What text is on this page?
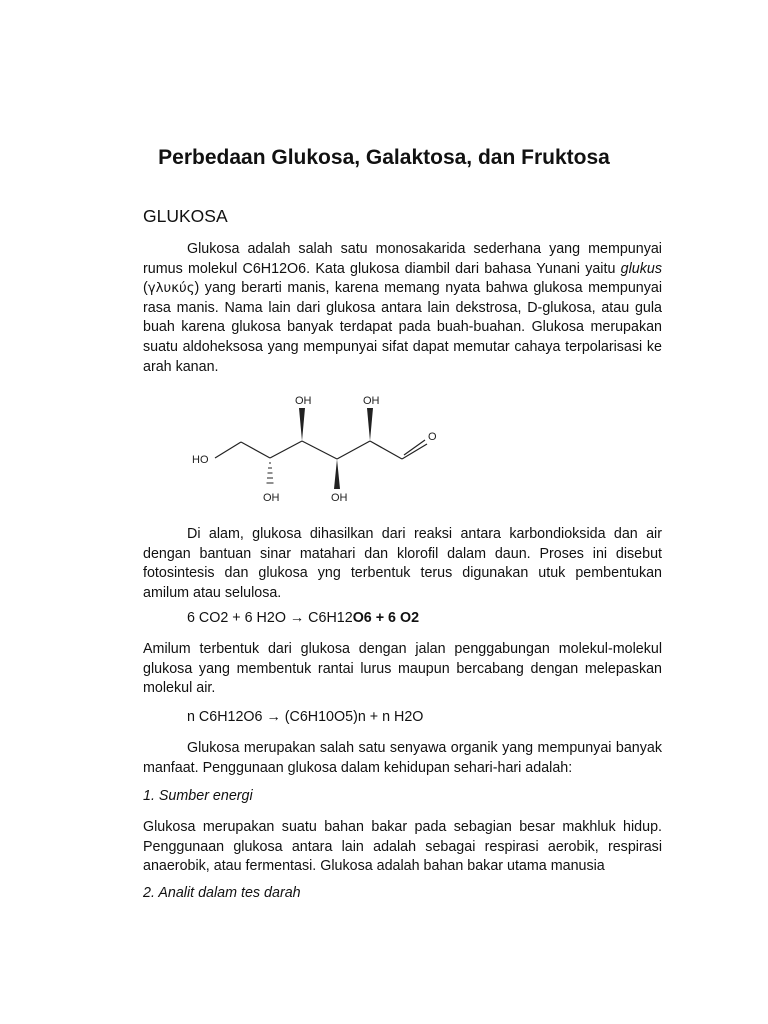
Perbedaan Glukosa, Galaktosa, dan Fruktosa
GLUKOSA

Glukosa adalah salah satu monosakarida sederhana yang mempunyai rumus molekul C6H12O6. Kata glukosa diambil dari bahasa Yunani yaitu glukus (γλυκύς) yang berarti manis, karena memang nyata bahwa glukosa mempunyai rasa manis. Nama lain dari glukosa antara lain dekstrosa, D-glukosa, atau gula buah karena glukosa banyak terdapat pada buah-buahan. Glukosa merupakan suatu aldoheksosa yang mempunyai sifat dapat memutar cahaya terpolarisasi ke arah kanan.

HO
OH	OH
O
OH	OH

Di alam, glukosa dihasilkan dari reaksi antara karbondioksida dan air dengan bantuan sinar matahari dan klorofil dalam daun. Proses ini disebut fotosintesis dan glukosa yng terbentuk terus digunakan utuk pembentukan amilum atau selulosa.

6 CO2 + 6 H2O → C6H12O6 + 6 O2

Amilum terbentuk dari glukosa dengan jalan penggabungan molekul-molekul glukosa yang membentuk rantai lurus maupun bercabang dengan melepaskan molekul air.

n C6H12O6 → (C6H10O5)n + n H2O

Glukosa merupakan salah satu senyawa organik yang mempunyai banyak manfaat. Penggunaan glukosa dalam kehidupan sehari-hari adalah:

1. Sumber energi

Glukosa merupakan suatu bahan bakar pada sebagian besar makhluk hidup. Penggunaan glukosa antara lain adalah sebagai respirasi aerobik, respirasi anaerobik, atau fermentasi. Glukosa adalah bahan bakar utama manusia

2. Analit dalam tes darah
